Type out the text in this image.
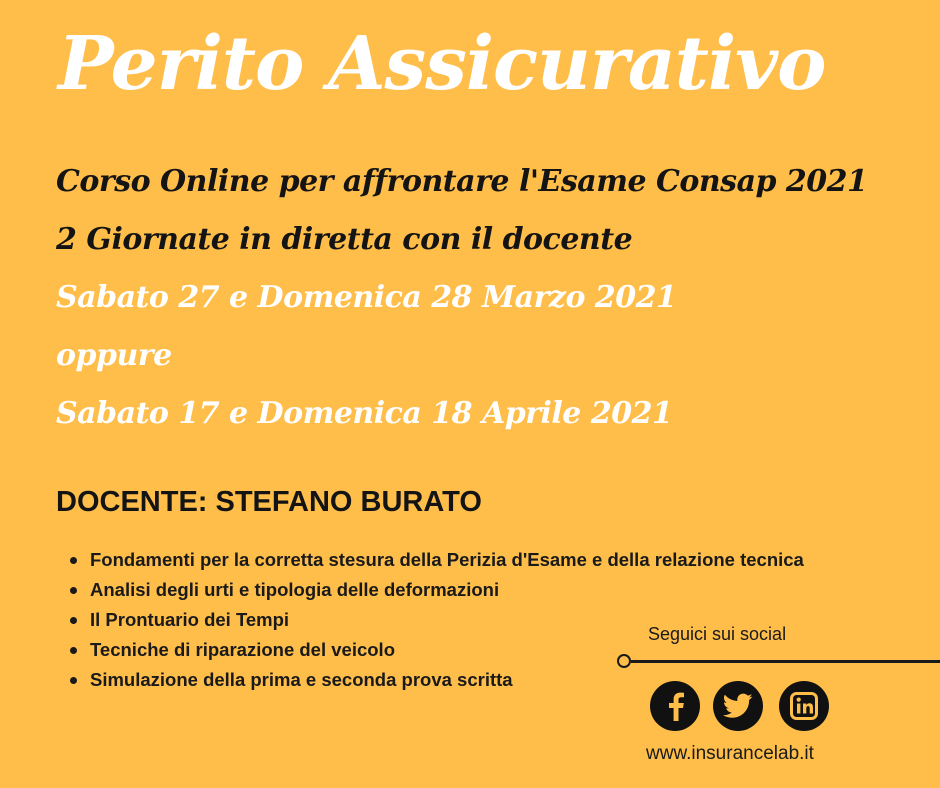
Perito Assicurativo

Corso Online per affrontare l'Esame Consap 2021

2 Giornate in diretta con il docente

Sabato 27 e Domenica 28 Marzo 2021

oppure

Sabato 17 e Domenica 18 Aprile 2021

DOCENTE: STEFANO BURATO

Fondamenti per la corretta stesura della Perizia d'Esame e della relazione tecnica
Analisi degli urti e tipologia delle deformazioni
Il Prontuario dei Tempi
Tecniche di riparazione del veicolo
Simulazione della prima e seconda prova scritta

Seguici sui social

www.insurancelab.it
